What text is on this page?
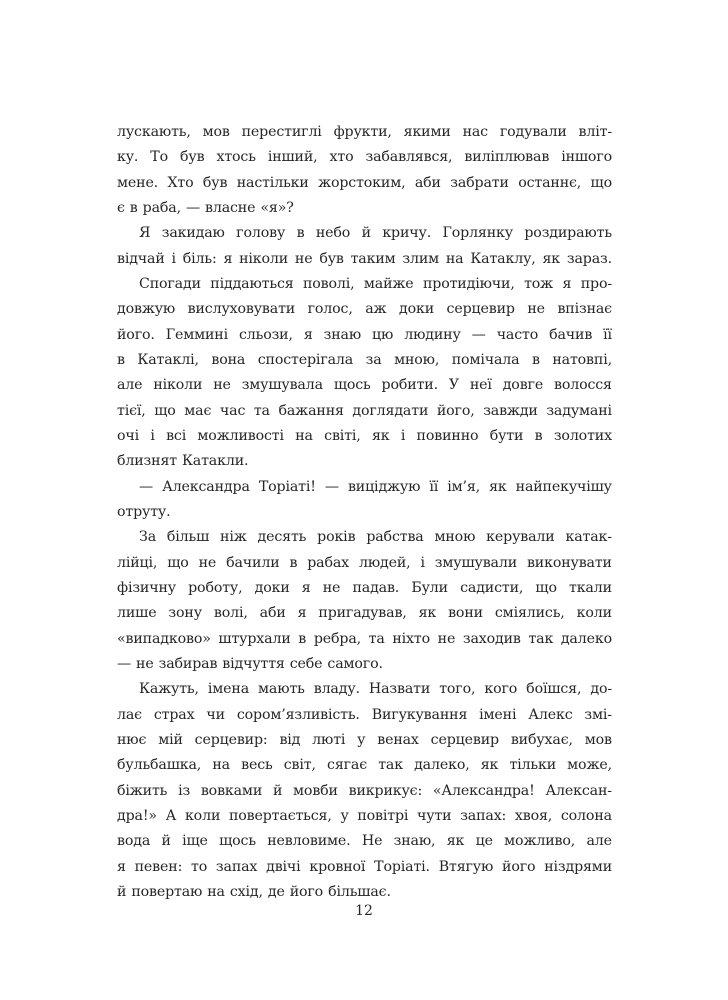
лускають, мов перестиглі фрукти, якими нас годували вліт-
ку. То був хтось інший, хто забавлявся, виліплював іншого
мене. Хто був настільки жорстоким, аби забрати останнє, що
є в раба, — власне «я»?
Я закидаю голову в небо й кричу. Горлянку роздирають
відчай і біль: я ніколи не був таким злим на Катаклу, як зараз.
Спогади піддаються поволі, майже протидіючи, тож я про-
довжую вислуховувати голос, аж доки серцевир не впізнає
його. Геммині сльози, я знаю цю людину — часто бачив її
в Катаклі, вона спостерігала за мною, помічала в натовпі,
але ніколи не змушувала щось робити. У неї довге волосся
тієї, що має час та бажання доглядати його, завжди задумані
очі і всі можливості на світі, як і повинно бути в золотих
близнят Катакли.
— Александра Торіаті! — виціджую її ім’я, як найпекучішу
отруту.
За більш ніж десять років рабства мною керували катак-
лійці, що не бачили в рабах людей, і змушували виконувати
фізичну роботу, доки я не падав. Були садисти, що ткали
лише зону волі, аби я пригадував, як вони сміялись, коли
«випадково» штурхали в ребра, та ніхто не заходив так далеко
— не забирав відчуття себе самого.
Кажуть, імена мають владу. Назвати того, кого боїшся, до-
лає страх чи сором’язливість. Вигукування імені Алекс змі-
нює мій серцевир: від люті у венах серцевир вибухає, мов
бульбашка, на весь світ, сягає так далеко, як тільки може,
біжить із вовками й мовби викрикує: «Александра! Алексан-
дра!» А коли повертається, у повітрі чути запах: хвоя, солона
вода й іще щось невловиме. Не знаю, як це можливо, але
я певен: то запах двічі кровної Торіаті. Втягую його ніздрями
й повертаю на схід, де його більшає.
12
